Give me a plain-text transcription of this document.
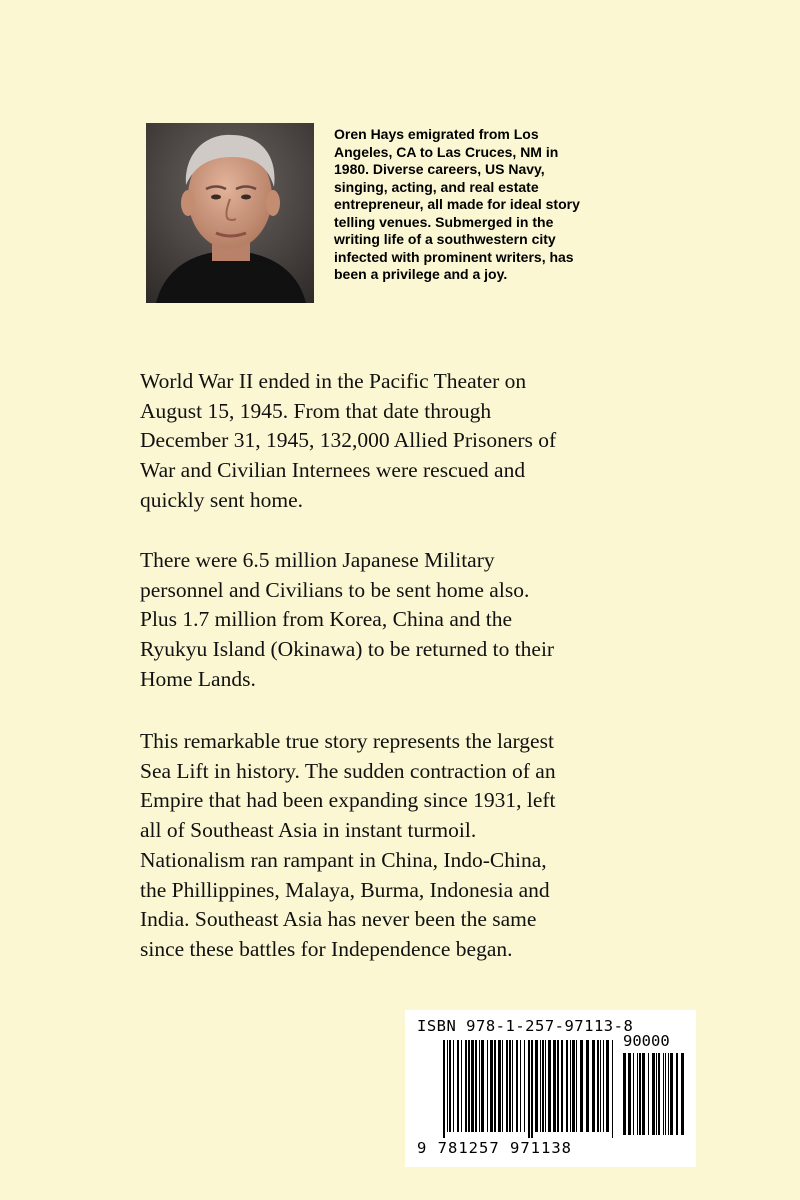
Oren Hays emigrated from Los
Angeles, CA to Las Cruces, NM in
1980. Diverse careers, US Navy,
singing, acting, and real estate
entrepreneur, all made for ideal story
telling venues. Submerged in the
writing life of a southwestern city
infected with prominent writers, has
been a privilege and a joy.
World War II ended in the Pacific Theater on
August 15, 1945. From that date through
December 31, 1945, 132,000 Allied Prisoners of
War and Civilian Internees were rescued and
quickly sent home.
There were 6.5 million Japanese Military
personnel and Civilians to be sent home also.
Plus 1.7 million from Korea, China and the
Ryukyu Island (Okinawa) to be returned to their
Home Lands.
This remarkable true story represents the largest
Sea Lift in history. The sudden contraction of an
Empire that had been expanding since 1931, left
all of Southeast Asia in instant turmoil.
Nationalism ran rampant in China, Indo-China,
the Phillippines, Malaya, Burma, Indonesia and
India. Southeast Asia has never been the same
since these battles for Independence began.
ISBN 978-1-257-97113-8
90000
9 781257 971138
